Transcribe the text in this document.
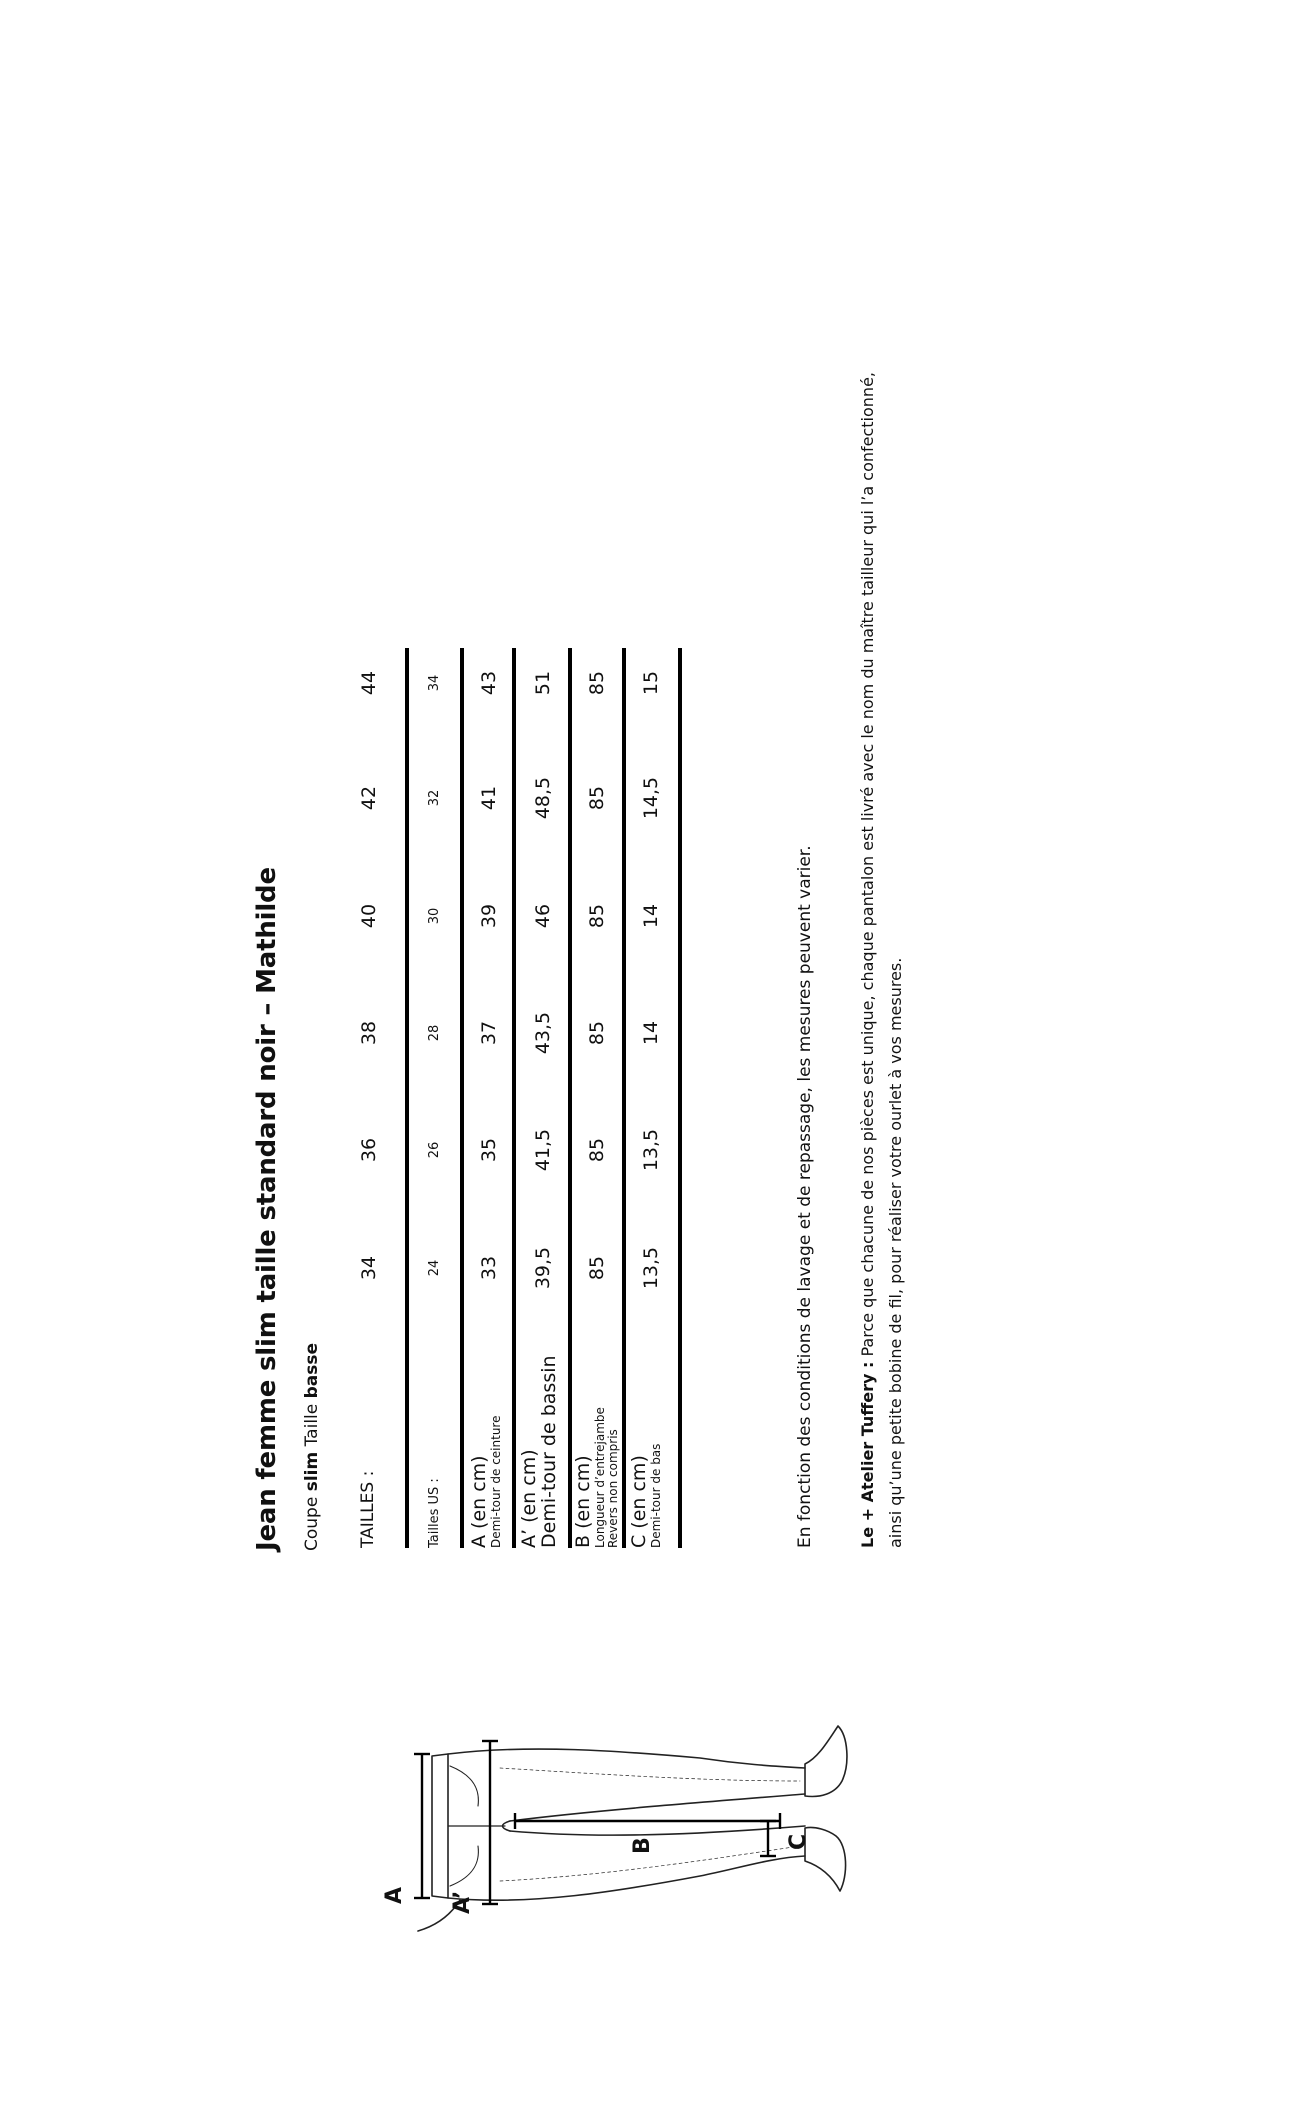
A A’
B	C
Jean femme slim taille standard noir – Mathilde Coupe slim Taille basse
TAILLES :
34
36
38
40
42
44
Tailles US :
24
26
28
30
32
34
A (en cm)
Demi-tour de ceinture
33
35
37
39
41
43
A’ (en cm)
Demi-tour de bassin
39,5
41,5
43,5
46
48,5
51
B (en cm)
Longueur d’entrejambe
Revers non compris
85
85
85
85
85
85
C (en cm)
Demi-tour de bas
13,5
13,5
14
14
14,5
15
En fonction des conditions de lavage et de repassage, les mesures peuvent varier.	Le + Atelier Tuffery : Parce que chacune de nos pièces est unique, chaque pantalon est livré avec le nom du maître tailleur qui l’a confectionné, ainsi qu’une petite bobine de fil, pour réaliser votre ourlet à vos mesures.
